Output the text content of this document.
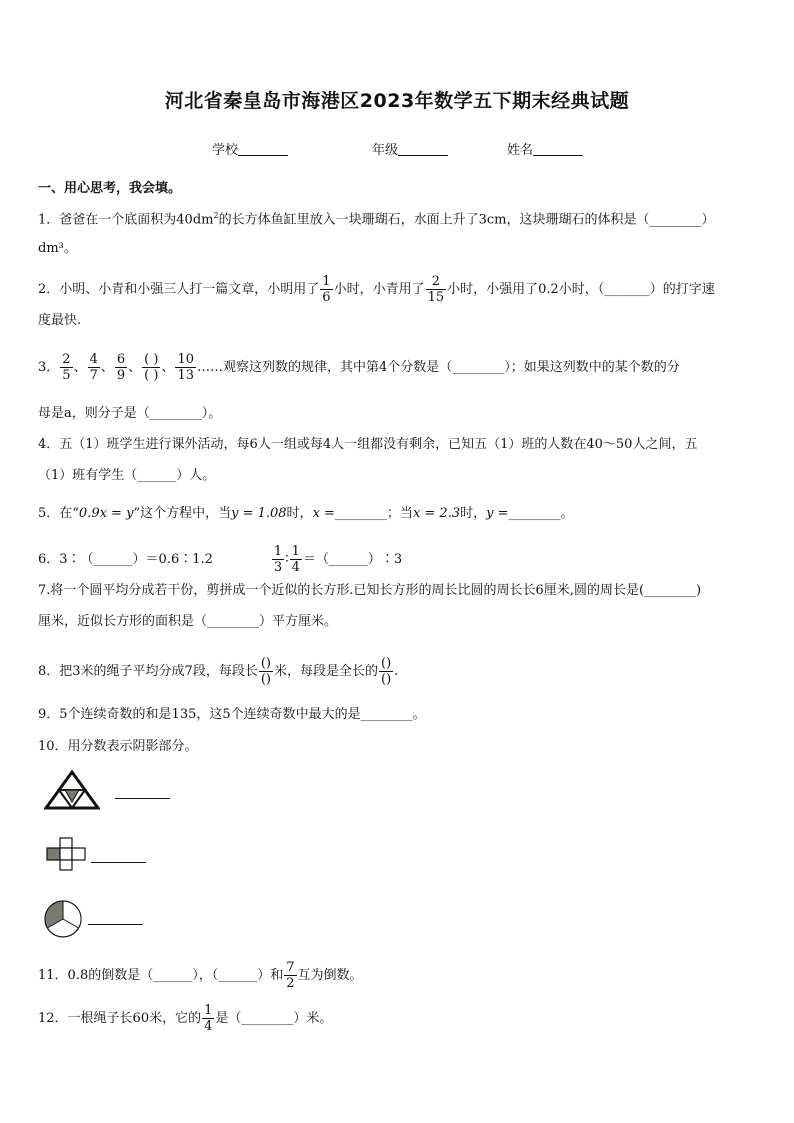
河北省秦皇岛市海港区2023年数学五下期末经典试题
学校	年级	姓名
一、用心思考，我会填。
1．爸爸在一个底面积为$40dm^2$的长方体鱼缸里放入一块珊瑚石，水面上升了3cm，这块珊瑚石的体积是（________）
dm³。
2．小明、小青和小强三人打一篇文章，小明用了 $\frac{1}{6}$ 小时，小青用了 $\frac{2}{15}$ 小时，小强用了0.2小时，（_______）的打字速
度最快.
3． $\frac{2}{5}$ 、 $\frac{4}{7}$ 、 $\frac{6}{9}$ 、 $\frac{( )}{( )}$ 、 $\frac{10}{13}$ ……观察这列数的规律，其中第4个分数是（________）；如果这列数中的某个数的分
母是a，则分子是（________）。
4．五（1）班学生进行课外活动，每6人一组或每4人一组都没有剩余，已知五（1）班的人数在40～50人之间，五
（1）班有学生（______）人。
5．在“0.9x = y”这个方程中，当y = 1.08时，x =________；当x = 2.3时，y =________。
6．3∶（______）＝0.6∶1.2	$\frac{1}{3}$ ∶ $\frac{1}{4}$ ＝（______）∶3
7.将一个圆平均分成若干份，剪拼成一个近似的长方形.已知长方形的周长比圆的周长长6厘米,圆的周长是(________)
厘米，近似长方形的面积是（________）平方厘米。
8．把3米的绳子平均分成7段，每段长 $\frac{()}{()}$ 米，每段是全长的 $\frac{()}{()}$ .
9．5个连续奇数的和是135，这5个连续奇数中最大的是________。
10．用分数表示阴影部分。
11．0.8的倒数是（______），（______）和 $\frac{7}{2}$ 互为倒数。
12．一根绳子长60米，它的 $\frac{1}{4}$ 是（________）米。
